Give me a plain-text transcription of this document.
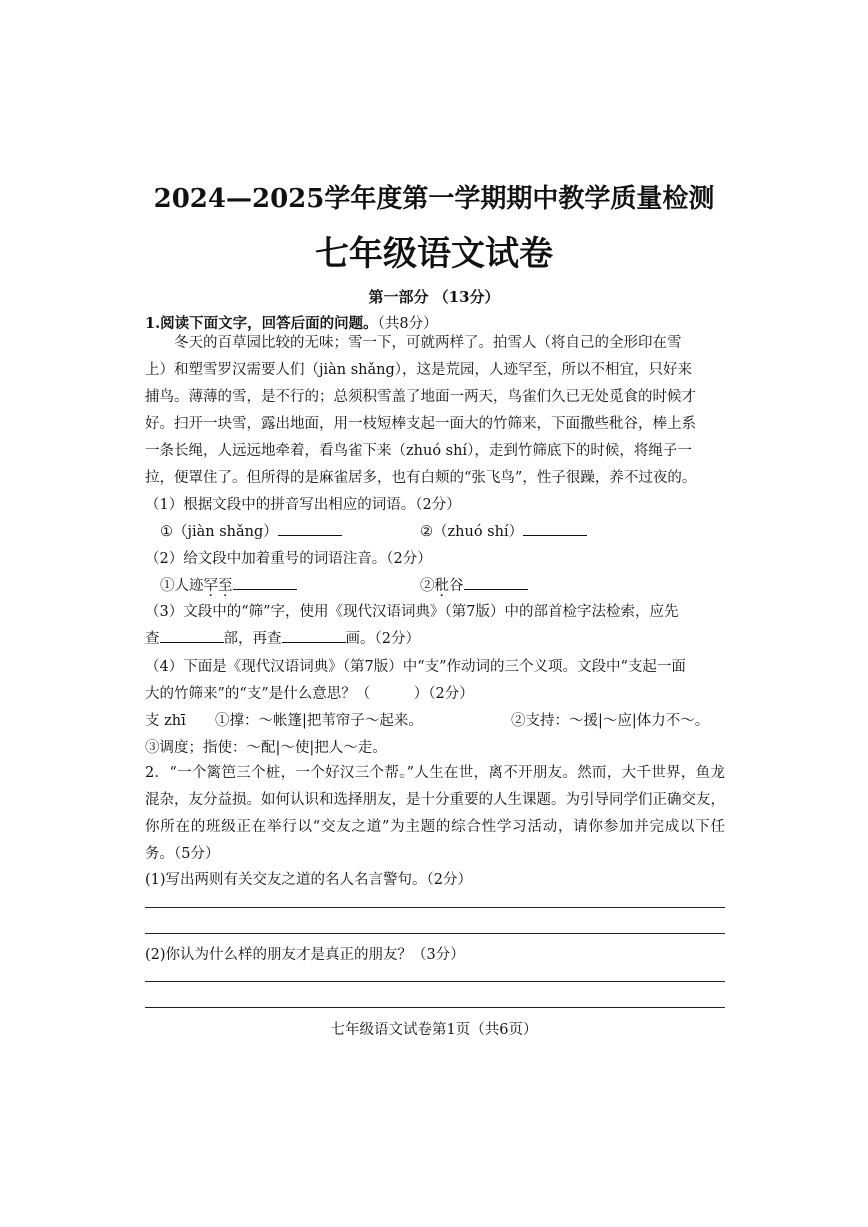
2024—2025学年度第一学期期中教学质量检测
七年级语文试卷
第一部分 （13分）
1.阅读下面文字，回答后面的问题。（共8分）
冬天的百草园比较的无味；雪一下，可就两样了。拍雪人（将自己的全形印在雪
上）和塑雪罗汉需要人们（jiàn shǎng），这是荒园，人迹罕至，所以不相宜，只好来
捕鸟。薄薄的雪，是不行的；总须积雪盖了地面一两天，鸟雀们久已无处觅食的时候才
好。扫开一块雪，露出地面，用一枝短棒支起一面大的竹筛来，下面撒些秕谷，棒上系
一条长绳，人远远地牵着，看鸟雀下来（zhuó shí），走到竹筛底下的时候，将绳子一
拉，便罩住了。但所得的是麻雀居多，也有白颊的“张飞鸟”，性子很躁，养不过夜的。
（1）根据文段中的拼音写出相应的词语。（2分）
①（jiàn shǎng）	②（zhuó shí）
（2）给文段中加着重号的词语注音。（2分）
①人迹罕至	②秕谷
（3）文段中的“筛”字，使用《现代汉语词典》（第7版）中的部首检字法检索，应先
查	部，再查	画。（2分）
（4）下面是《现代汉语词典》（第7版）中“支”作动词的三个义项。文段中“支起一面
大的竹筛来”的“支”是什么意思？（　　　）（2分）
支 zhī ①撑：～帐篷|把苇帘子～起来。	②支持：～援|～应|体力不～。
③调度；指使：～配|～使|把人～走。
2．“一个篱笆三个桩，一个好汉三个帮。”人生在世，离不开朋友。然而，大千世界，鱼龙混杂，友分益损。如何认识和选择朋友，是十分重要的人生课题。为引导同学们正确交友，你所在的班级正在举行以“交友之道”为主题的综合性学习活动，请你参加并完成以下任务。（5分）
(1)写出两则有关交友之道的名人名言警句。（2分）
(2)你认为什么样的朋友才是真正的朋友？（3分）
七年级语文试卷第1页（共6页）
